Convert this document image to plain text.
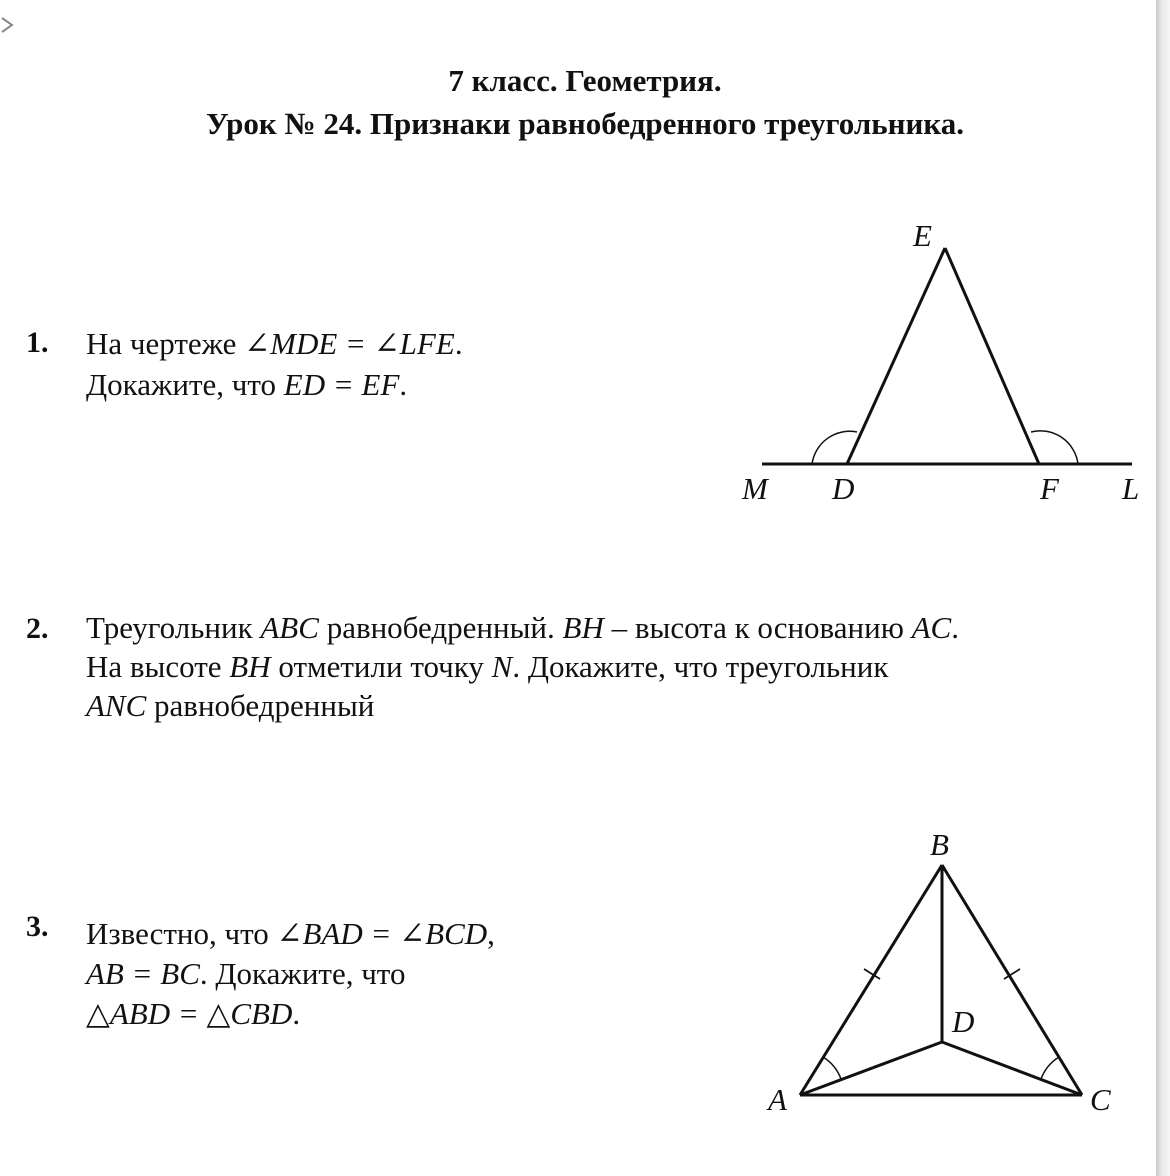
7 класс. Геометрия.
Урок № 24. Признаки равнобедренного треугольника.
1. На чертеже ∠MDE = ∠LFE.
Докажите, что ED = EF.
E
M D	F L
2. Треугольник ABC равнобедренный. BH – высота к основанию AC.
На высоте BH отметили точку N. Докажите, что треугольник
ANC равнобедренный
3. Известно, что ∠BAD = ∠BCD,
AB = BC. Докажите, что
△ABD = △CBD.
B
D
A	C
